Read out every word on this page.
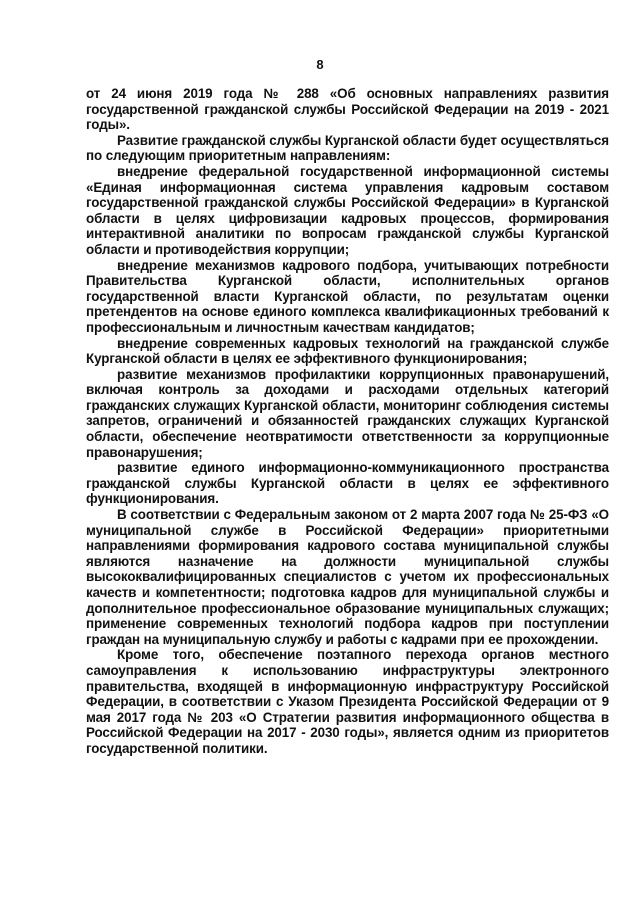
8

от 24 июня 2019 года № 288 «Об основных направлениях развития государственной гражданской службы Российской Федерации на 2019 - 2021 годы».

Развитие гражданской службы Курганской области будет осуществляться по следующим приоритетным направлениям:

внедрение федеральной государственной информационной системы «Единая информационная система управления кадровым составом государственной гражданской службы Российской Федерации» в Курганской области в целях цифровизации кадровых процессов, формирования интерактивной аналитики по вопросам гражданской службы Курганской области и противодействия коррупции;

внедрение механизмов кадрового подбора, учитывающих потребности Правительства Курганской области, исполнительных органов государственной власти Курганской области, по результатам оценки претендентов на основе единого комплекса квалификационных требований к профессиональным и личностным качествам кандидатов;

внедрение современных кадровых технологий на гражданской службе Курганской области в целях ее эффективного функционирования;

развитие механизмов профилактики коррупционных правонарушений, включая контроль за доходами и расходами отдельных категорий гражданских служащих Курганской области, мониторинг соблюдения системы запретов, ограничений и обязанностей гражданских служащих Курганской области, обеспечение неотвратимости ответственности за коррупционные правонарушения;

развитие единого информационно-коммуникационного пространства гражданской службы Курганской области в целях ее эффективного функционирования.

В соответствии с Федеральным законом от 2 марта 2007 года № 25-ФЗ «О муниципальной службе в Российской Федерации» приоритетными направлениями формирования кадрового состава муниципальной службы являются назначение на должности муниципальной службы высококвалифицированных специалистов с учетом их профессиональных качеств и компетентности; подготовка кадров для муниципальной службы и дополнительное профессиональное образование муниципальных служащих; применение современных технологий подбора кадров при поступлении граждан на муниципальную службу и работы с кадрами при ее прохождении.

Кроме того, обеспечение поэтапного перехода органов местного самоуправления к использованию инфраструктуры электронного правительства, входящей в информационную инфраструктуру Российской Федерации, в соответствии с Указом Президента Российской Федерации от 9 мая 2017 года № 203 «О Стратегии развития информационного общества в Российской Федерации на 2017 - 2030 годы», является одним из приоритетов государственной политики.
